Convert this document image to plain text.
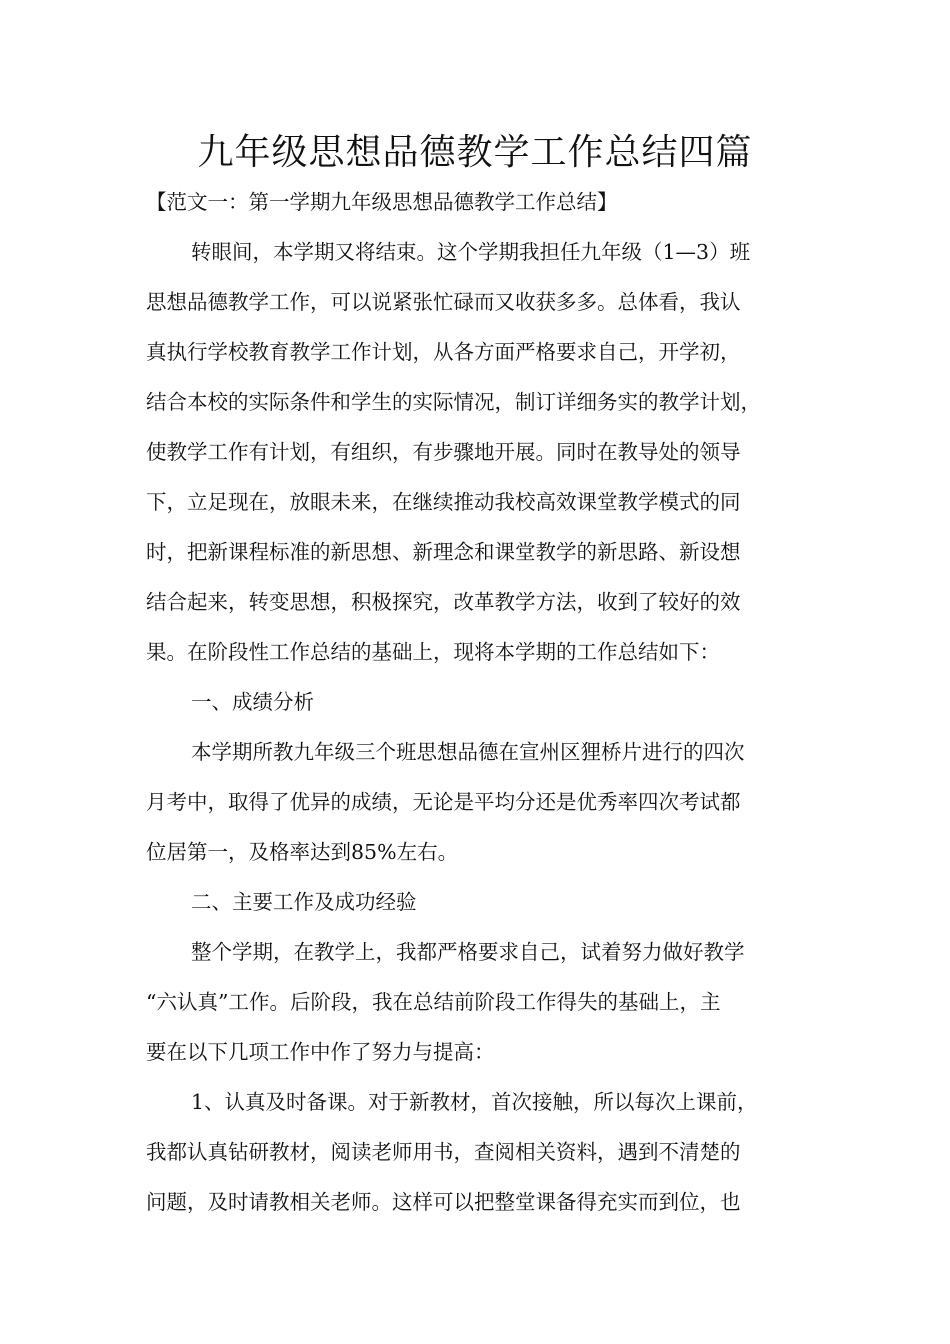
九年级思想品德教学工作总结四篇

【范文一：第一学期九年级思想品德教学工作总结】

转眼间，本学期又将结束。这个学期我担任九年级（1—3）班

思想品德教学工作，可以说紧张忙碌而又收获多多。总体看，我认

真执行学校教育教学工作计划，从各方面严格要求自己，开学初，

结合本校的实际条件和学生的实际情况，制订详细务实的教学计划，

使教学工作有计划，有组织，有步骤地开展。同时在教导处的领导

下，立足现在，放眼未来，在继续推动我校高效课堂教学模式的同

时，把新课程标准的新思想、新理念和课堂教学的新思路、新设想

结合起来，转变思想，积极探究，改革教学方法，收到了较好的效

果。在阶段性工作总结的基础上，现将本学期的工作总结如下：

一、成绩分析

本学期所教九年级三个班思想品德在宣州区狸桥片进行的四次

月考中，取得了优异的成绩，无论是平均分还是优秀率四次考试都

位居第一，及格率达到85%左右。

二、主要工作及成功经验

整个学期，在教学上，我都严格要求自己，试着努力做好教学

“六认真”工作。后阶段，我在总结前阶段工作得失的基础上，主

要在以下几项工作中作了努力与提高：

1、认真及时备课。对于新教材，首次接触，所以每次上课前，

我都认真钻研教材，阅读老师用书，查阅相关资料，遇到不清楚的

问题，及时请教相关老师。这样可以把整堂课备得充实而到位，也
